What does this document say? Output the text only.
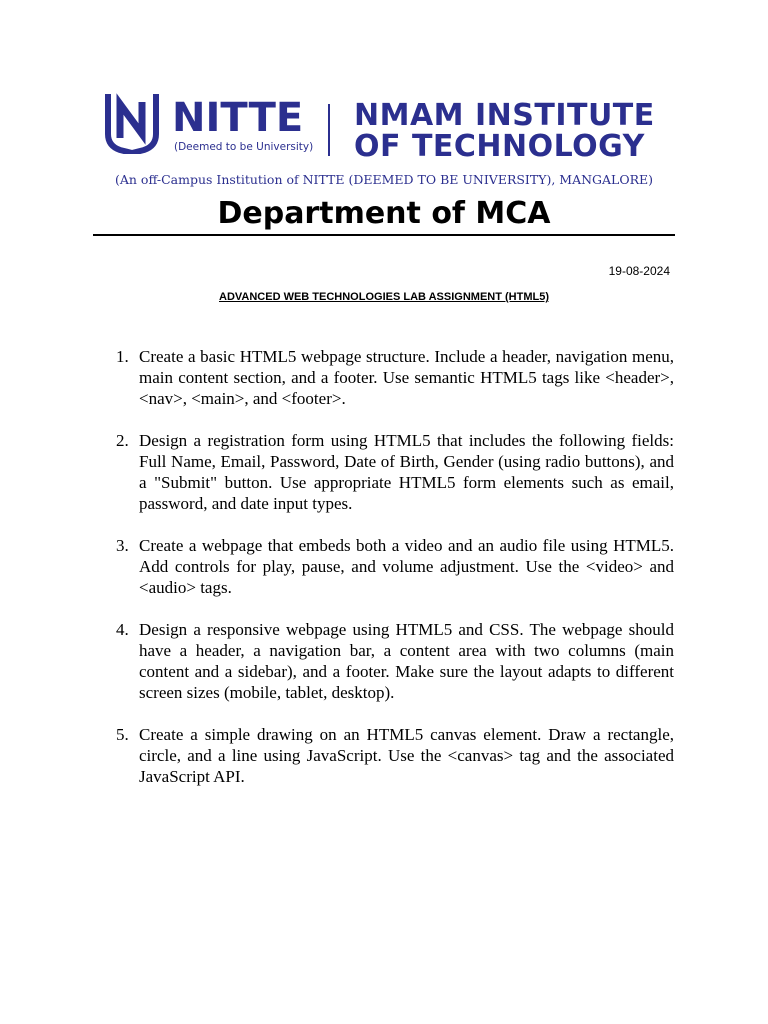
NITTE
(Deemed to be University)
NMAM INSTITUTE
OF TECHNOLOGY
(An off-Campus Institution of NITTE (DEEMED TO BE UNIVERSITY), MANGALORE)
Department of MCA
19-08-2024
ADVANCED WEB TECHNOLOGIES LAB ASSIGNMENT (HTML5)
1. Create a basic HTML5 webpage structure. Include a header, navigation menu, main content section, and a footer. Use semantic HTML5 tags like <header>, <nav>, <main>, and <footer>.
2. Design a registration form using HTML5 that includes the following fields: Full Name, Email, Password, Date of Birth, Gender (using radio buttons), and a "Submit" button. Use appropriate HTML5 form elements such as email, password, and date input types.
3. Create a webpage that embeds both a video and an audio file using HTML5. Add controls for play, pause, and volume adjustment. Use the <video> and <audio> tags.
4. Design a responsive webpage using HTML5 and CSS. The webpage should have a header, a navigation bar, a content area with two columns (main content and a sidebar), and a footer. Make sure the layout adapts to different screen sizes (mobile, tablet, desktop).
5. Create a simple drawing on an HTML5 canvas element. Draw a rectangle, circle, and a line using JavaScript. Use the <canvas> tag and the associated JavaScript API.
